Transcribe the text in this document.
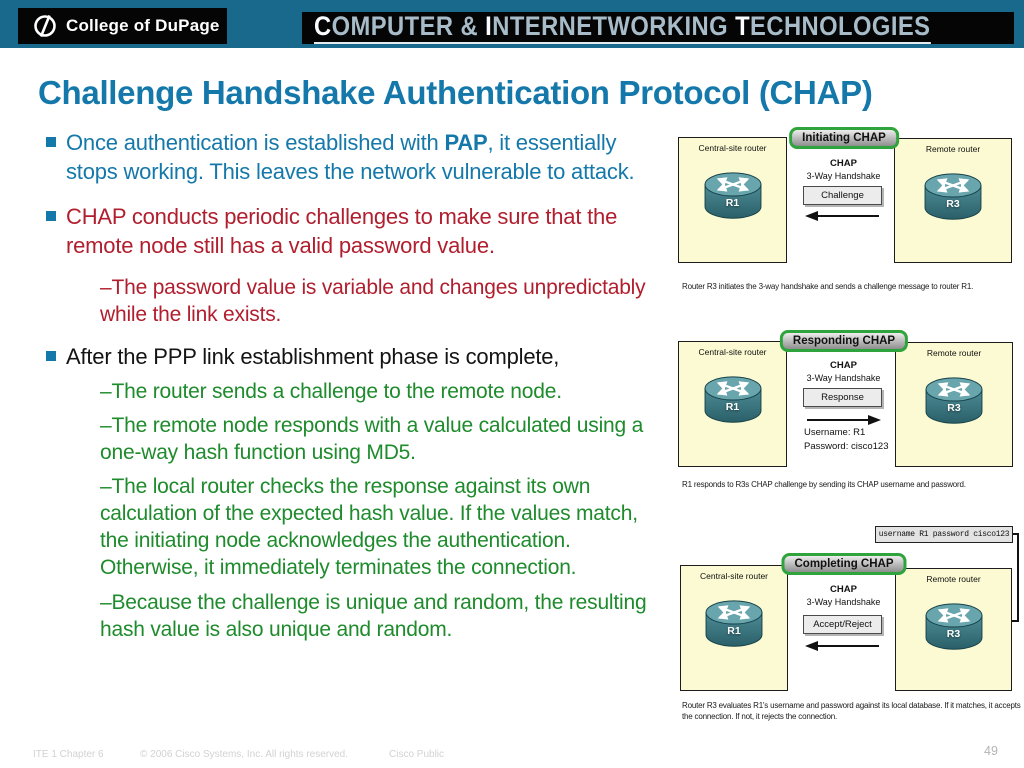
College of DuPage	COMPUTER & INTERNETWORKING TECHNOLOGIES
Challenge Handshake Authentication Protocol (CHAP)
Once authentication is established with PAP, it essentially stops working. This leaves the network vulnerable to attack.
CHAP conducts periodic challenges to make sure that the remote node still has a valid password value.
–The password value is variable and changes unpredictably while the link exists.
After the PPP link establishment phase is complete,
–The router sends a challenge to the remote node.
–The remote node responds with a value calculated using a one-way hash function using MD5.
–The local router checks the response against its own calculation of the expected hash value. If the values match, the initiating node acknowledges the authentication. Otherwise, it immediately terminates the connection.
–Because the challenge is unique and random, the resulting hash value is also unique and random.
Initiating CHAP
Central-site router
R1
Remote router
R3
CHAP
3-Way Handshake
Challenge
Router R3 initiates the 3-way handshake and sends a challenge message to router R1.
Responding CHAP
Central-site router
R1
Remote router
R3
CHAP
3-Way Handshake
Response
Username: R1
Password: cisco123
R1 responds to R3s CHAP challenge by sending its CHAP username and password.
username R1 password cisco123
Completing CHAP
Central-site router
R1
Remote router
R3
CHAP
3-Way Handshake
Accept/Reject
Router R3 evaluates R1's username and password against its local database. If it matches, it accepts the connection. If not, it rejects the connection.
ITE 1 Chapter 6	© 2006 Cisco Systems, Inc. All rights reserved.	Cisco Public	49
